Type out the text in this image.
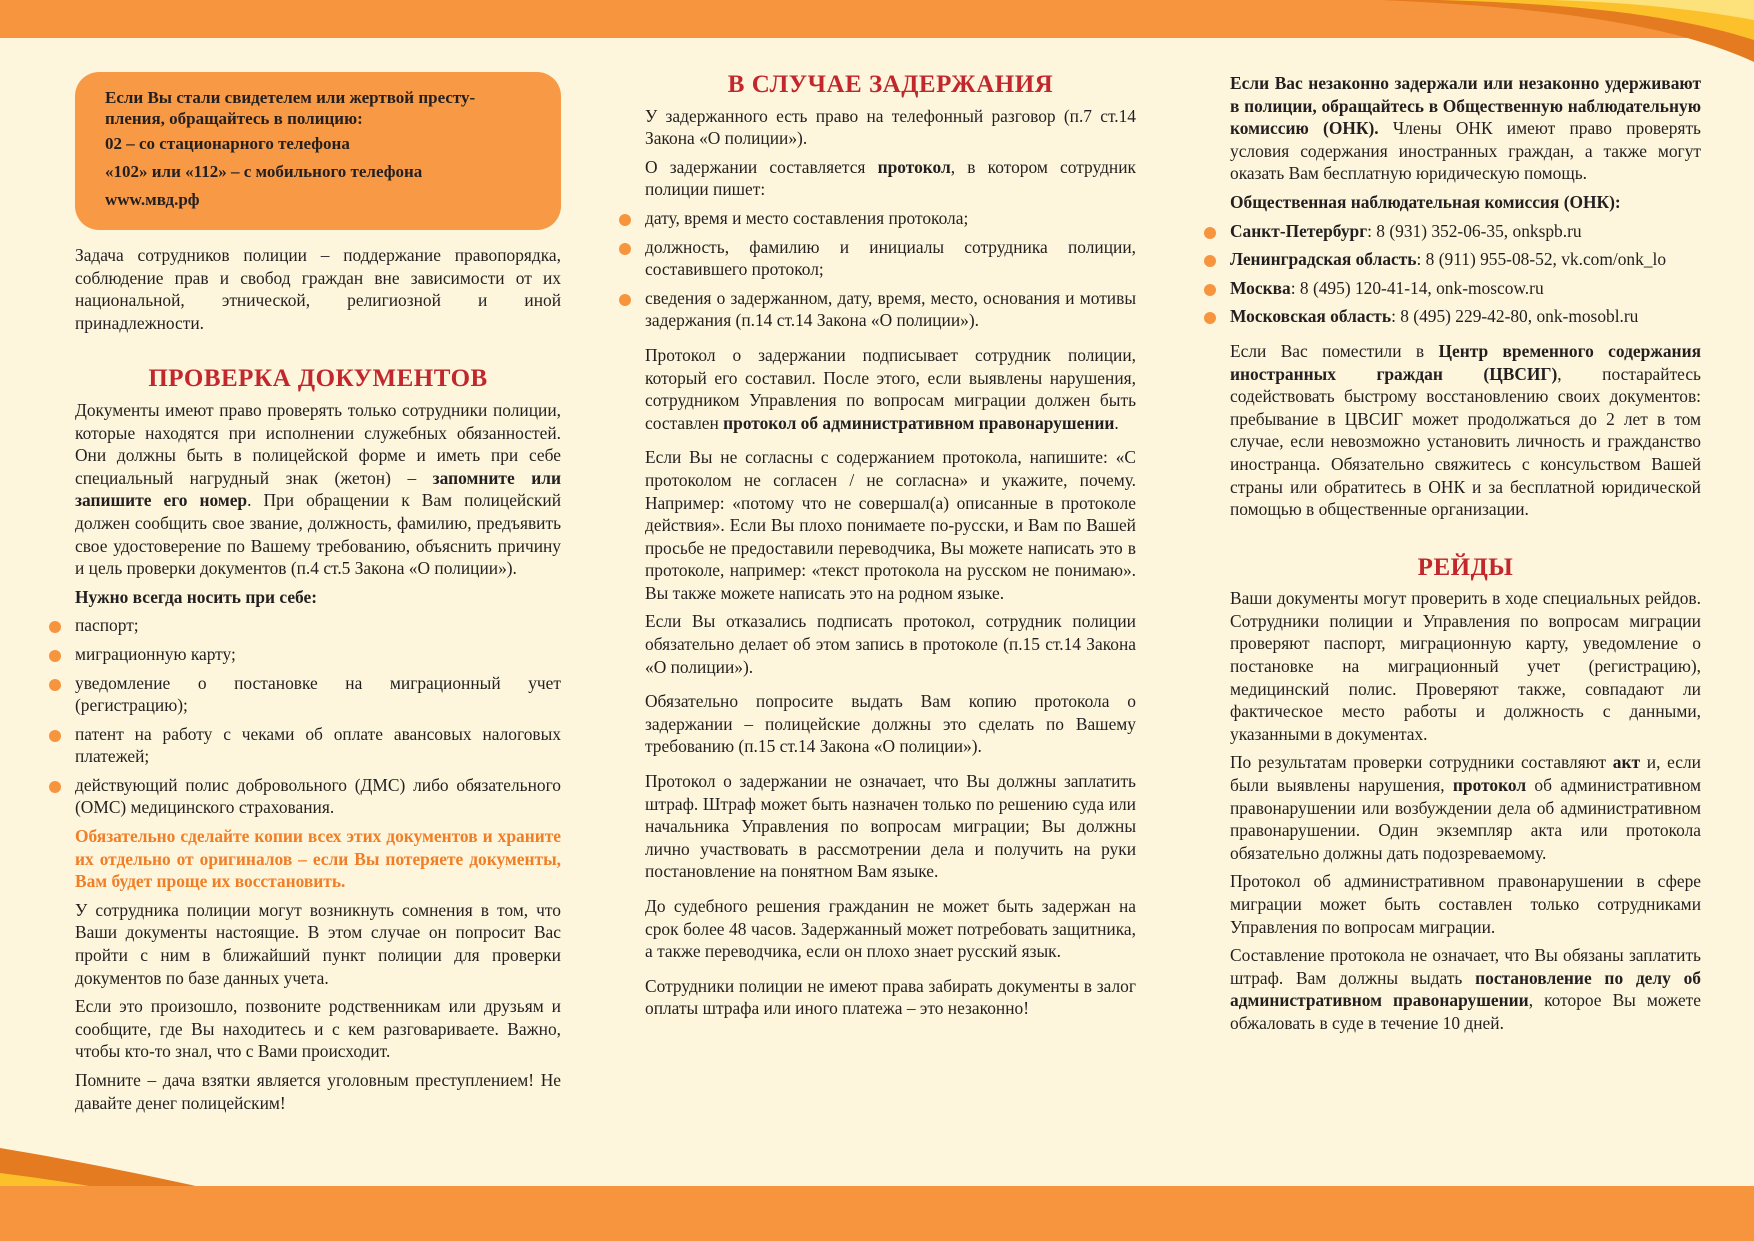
Если Вы стали свидетелем или жертвой престу-
пления, обращайтесь в полицию:
02 – со стационарного телефона
«102» или «112» – с мобильного телефона
www.мвд.рф

Задача сотрудников полиции – поддержание правопорядка, соблюдение прав и свобод граждан вне зависимости от их национальной, этнической, религиозной и иной принадлежности.

ПРОВЕРКА ДОКУМЕНТОВ

Документы имеют право проверять только сотрудники полиции, которые находятся при исполнении служебных обязанностей. Они должны быть в полицейской форме и иметь при себе специальный нагрудный знак (жетон) – запомните или запишите его номер. При обращении к Вам полицейский должен сообщить свое звание, должность, фамилию, предъявить свое удостоверение по Вашему требованию, объяснить причину и цель проверки документов (п.4 ст.5 Закона «О полиции»).

Нужно всегда носить при себе:

паспорт;
миграционную карту;
уведомление о постановке на миграционный учет (регистрацию);
патент на работу с чеками об оплате авансовых налоговых платежей;
действующий полис добровольного (ДМС) либо обязательного (ОМС) медицинского страхования.

Обязательно сделайте копии всех этих документов и храните их отдельно от оригиналов – если Вы потеряете документы, Вам будет проще их восстановить.

У сотрудника полиции могут возникнуть сомнения в том, что Ваши документы настоящие. В этом случае он попросит Вас пройти с ним в ближайший пункт полиции для проверки документов по базе данных учета.

Если это произошло, позвоните родственникам или друзьям и сообщите, где Вы находитесь и с кем разговариваете. Важно, чтобы кто-то знал, что с Вами происходит.

Помните – дача взятки является уголовным преступлением! Не давайте денег полицейским!

В СЛУЧАЕ ЗАДЕРЖАНИЯ

У задержанного есть право на телефонный разговор (п.7 ст.14 Закона «О полиции»).

О задержании составляется протокол, в котором сотрудник полиции пишет:

дату, время и место составления протокола;
должность, фамилию и инициалы сотрудника полиции, составившего протокол;
сведения о задержанном, дату, время, место, основания и мотивы задержания (п.14 ст.14 Закона «О полиции»).

Протокол о задержании подписывает сотрудник полиции, который его составил. После этого, если выявлены нарушения, сотрудником Управления по вопросам миграции должен быть составлен протокол об административном правонарушении.

Если Вы не согласны с содержанием протокола, напишите: «С протоколом не согласен / не согласна» и укажите, почему. Например: «потому что не совершал(а) описанные в протоколе действия». Если Вы плохо понимаете по-русски, и Вам по Вашей просьбе не предоставили переводчика, Вы можете написать это в протоколе, например: «текст протокола на русском не понимаю». Вы также можете написать это на родном языке.

Если Вы отказались подписать протокол, сотрудник полиции обязательно делает об этом запись в протоколе (п.15 ст.14 Закона «О полиции»).

Обязательно попросите выдать Вам копию протокола о задержании – полицейские должны это сделать по Вашему требованию (п.15 ст.14 Закона «О полиции»).

Протокол о задержании не означает, что Вы должны заплатить штраф. Штраф может быть назначен только по решению суда или начальника Управления по вопросам миграции; Вы должны лично участвовать в рассмотрении дела и получить на руки постановление на понятном Вам языке.

До судебного решения гражданин не может быть задержан на срок более 48 часов. Задержанный может потребовать защитника, а также переводчика, если он плохо знает русский язык.

Сотрудники полиции не имеют права забирать документы в залог оплаты штрафа или иного платежа – это незаконно!

Если Вас незаконно задержали или незаконно удерживают в полиции, обращайтесь в Общественную наблюдательную комиссию (ОНК). Члены ОНК имеют право проверять условия содержания иностранных граждан, а также могут оказать Вам бесплатную юридическую помощь.

Общественная наблюдательная комиссия (ОНК):

Санкт-Петербург: 8 (931) 352-06-35, onkspb.ru
Ленинградская область: 8 (911) 955-08-52, vk.com/onk_lo
Москва: 8 (495) 120-41-14, onk-moscow.ru
Московская область: 8 (495) 229-42-80, onk-mosobl.ru

Если Вас поместили в Центр временного содержания иностранных граждан (ЦВСИГ), постарайтесь содействовать быстрому восстановлению своих документов: пребывание в ЦВСИГ может продолжаться до 2 лет в том случае, если невозможно установить личность и гражданство иностранца. Обязательно свяжитесь с консульством Вашей страны или обратитесь в ОНК и за бесплатной юридической помощью в общественные организации.

РЕЙДЫ

Ваши документы могут проверить в ходе специальных рейдов. Сотрудники полиции и Управления по вопросам миграции проверяют паспорт, миграционную карту, уведомление о постановке на миграционный учет (регистрацию), медицинский полис. Проверяют также, совпадают ли фактическое место работы и должность с данными, указанными в документах.

По результатам проверки сотрудники составляют акт и, если были выявлены нарушения, протокол об административном правонарушении или возбуждении дела об административном правонарушении. Один экземпляр акта или протокола обязательно должны дать подозреваемому.

Протокол об административном правонарушении в сфере миграции может быть составлен только сотрудниками Управления по вопросам миграции.

Составление протокола не означает, что Вы обязаны заплатить штраф. Вам должны выдать постановление по делу об административном правонарушении, которое Вы можете обжаловать в суде в течение 10 дней.
